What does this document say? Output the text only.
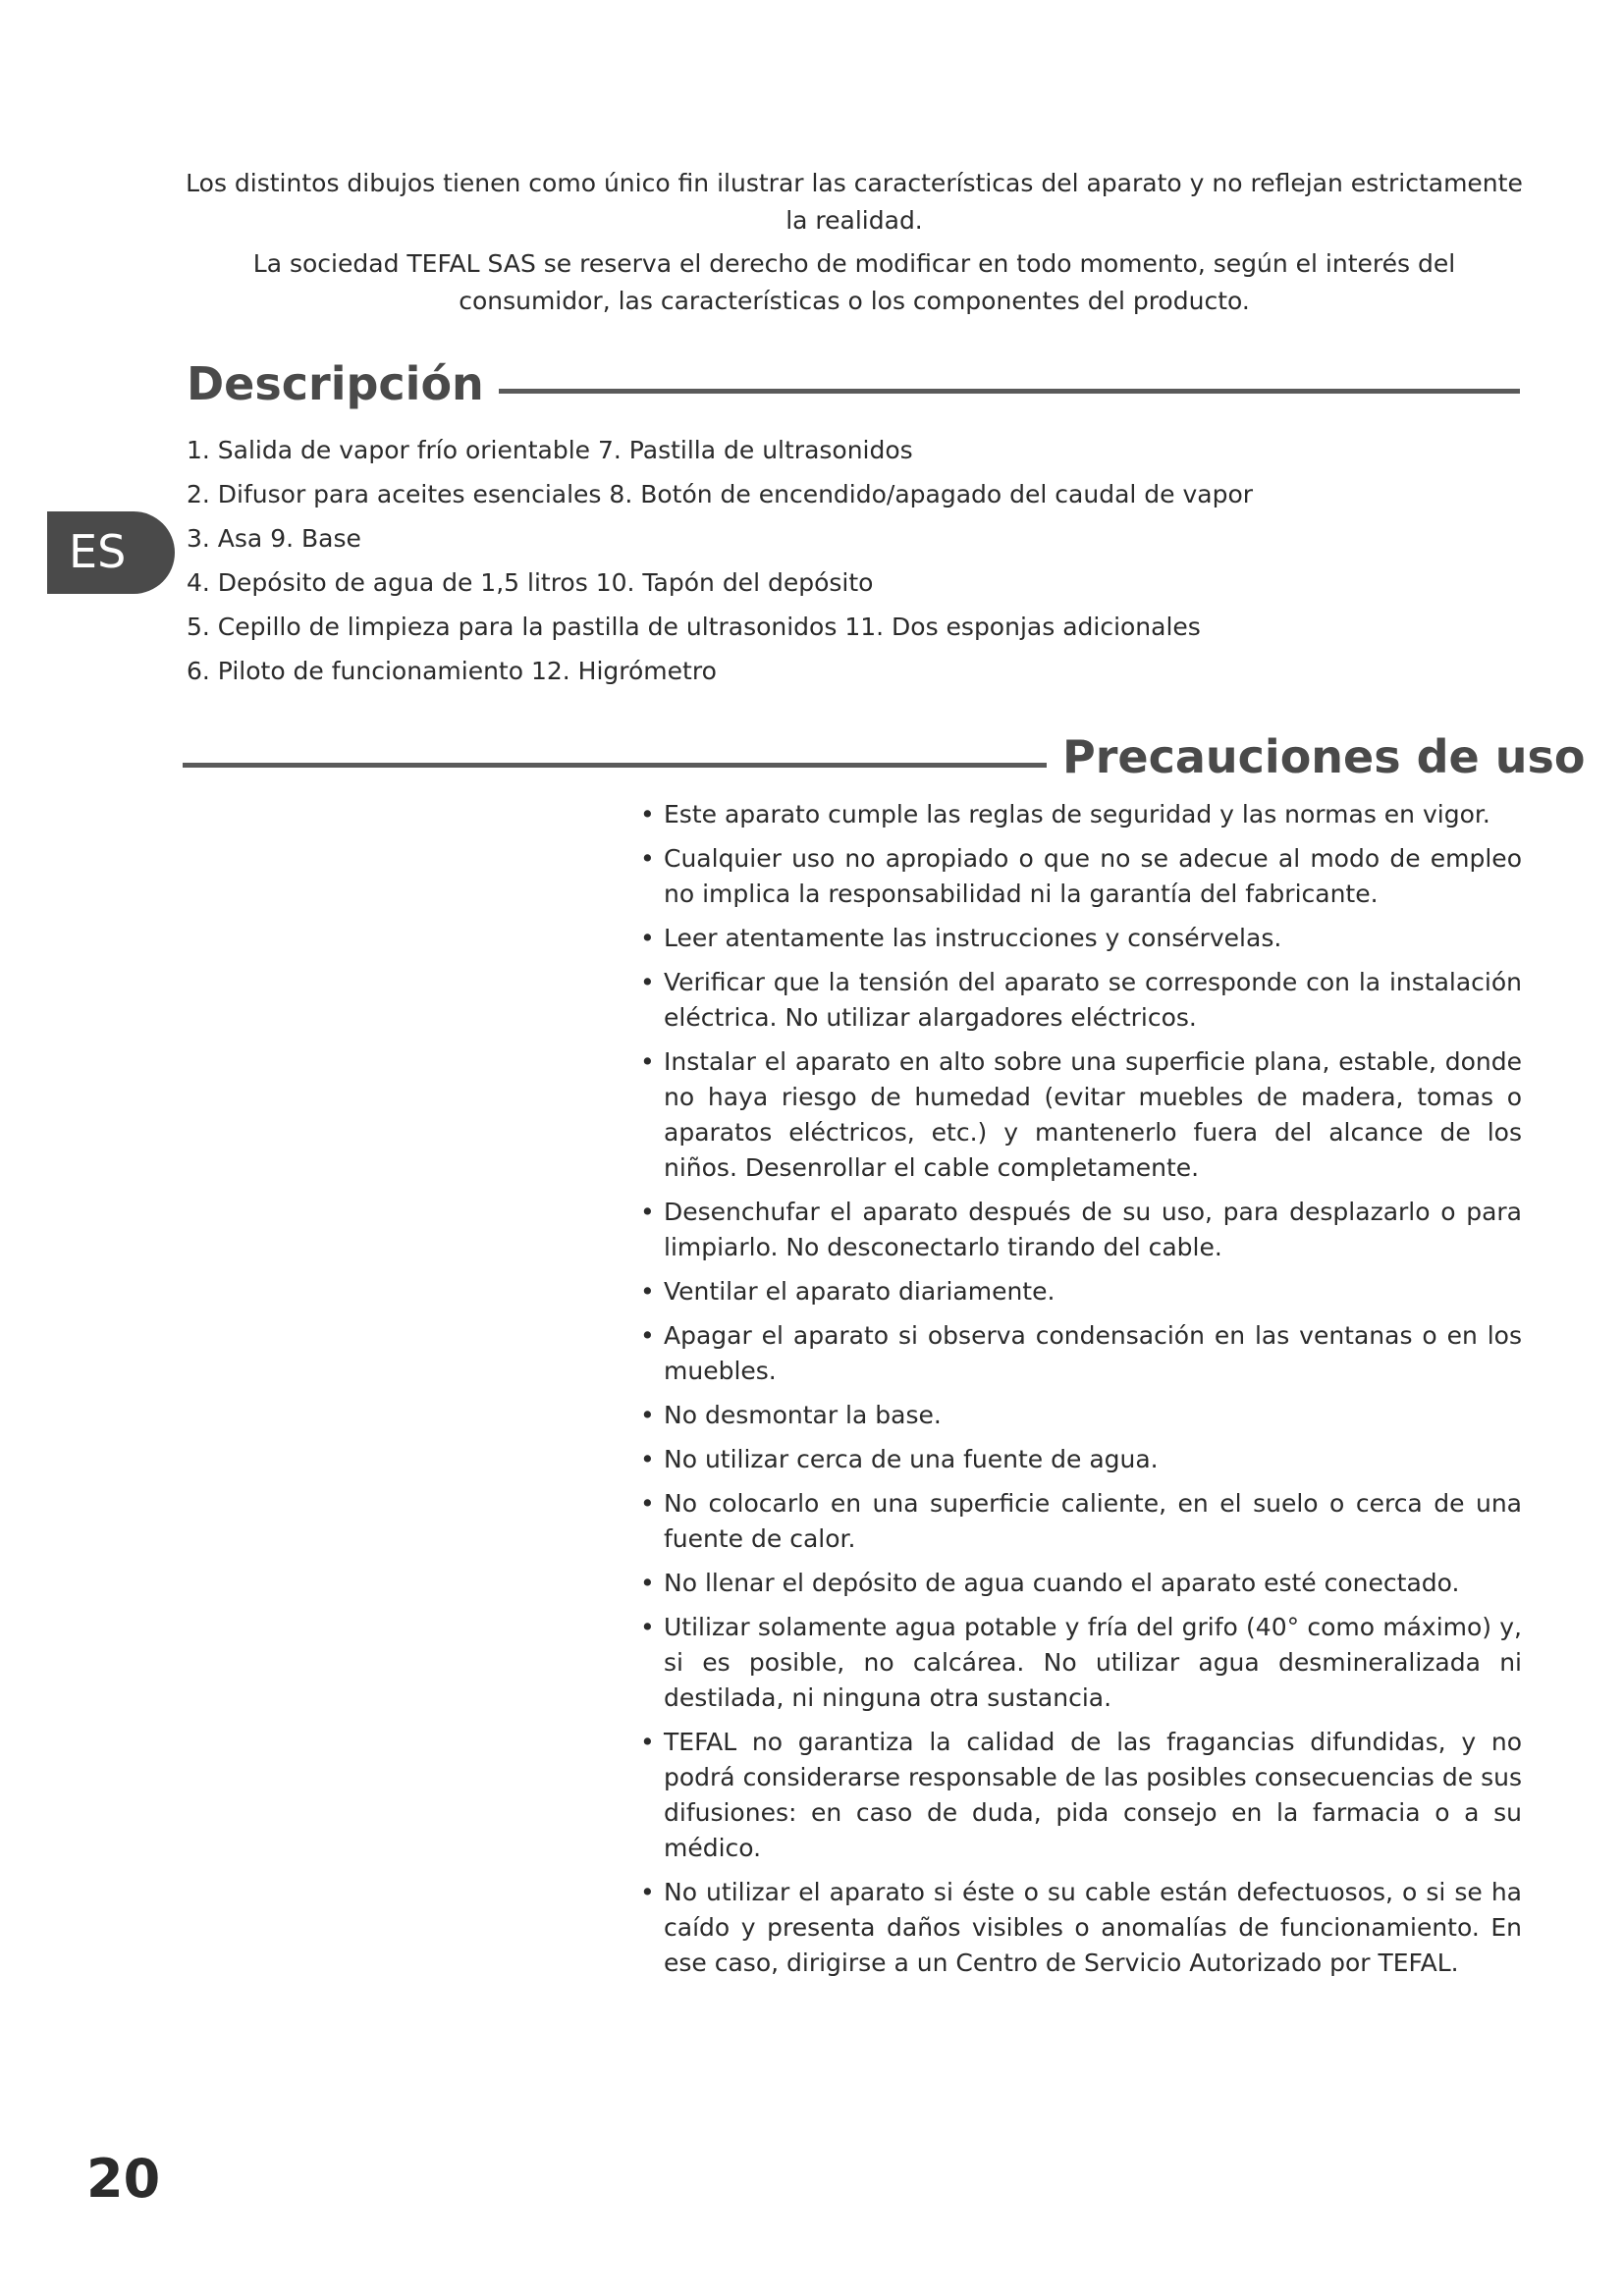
Los distintos dibujos tienen como único fin ilustrar las características del aparato y no reflejan estrictamente la realidad.

La sociedad TEFAL SAS se reserva el derecho de modificar en todo momento, según el interés del consumidor, las características o los componentes del producto.

Descripción
ES
1. Salida de vapor frío orientable 7. Pastilla de ultrasonidos
2. Difusor para aceites esenciales 8. Botón de encendido/apagado del caudal de vapor
3. Asa 9. Base
4. Depósito de agua de 1,5 litros 10. Tapón del depósito
5. Cepillo de limpieza para la pastilla de ultrasonidos 11. Dos esponjas adicionales
6. Piloto de funcionamiento 12. Higrómetro
Precauciones de uso
• Este aparato cumple las reglas de seguridad y las normas en vigor.
• Cualquier uso no apropiado o que no se adecue al modo de empleo no implica la responsabilidad ni la garantía del fabricante.
• Leer atentamente las instrucciones y consérvelas.
• Verificar que la tensión del aparato se corresponde con la instalación eléctrica. No utilizar alargadores eléctricos.
• Instalar el aparato en alto sobre una superficie plana, estable, donde no haya riesgo de humedad (evitar muebles de madera, tomas o aparatos eléctricos, etc.) y mantenerlo fuera del alcance de los niños. Desenrollar el cable completamente.
• Desenchufar el aparato después de su uso, para desplazarlo o para limpiarlo. No desconectarlo tirando del cable.
• Ventilar el aparato diariamente.
• Apagar el aparato si observa condensación en las ventanas o en los muebles.
• No desmontar la base.
• No utilizar cerca de una fuente de agua.
• No colocarlo en una superficie caliente, en el suelo o cerca de una fuente de calor.
• No llenar el depósito de agua cuando el aparato esté conectado.
• Utilizar solamente agua potable y fría del grifo (40° como máximo) y, si es posible, no calcárea. No utilizar agua desmineralizada ni destilada, ni ninguna otra sustancia.
• TEFAL no garantiza la calidad de las fragancias difundidas, y no podrá considerarse responsable de las posibles consecuencias de sus difusiones: en caso de duda, pida consejo en la farmacia o a su médico.
• No utilizar el aparato si éste o su cable están defectuosos, o si se ha caído y presenta daños visibles o anomalías de funcionamiento. En ese caso, dirigirse a un Centro de Servicio Autorizado por TEFAL.
20
